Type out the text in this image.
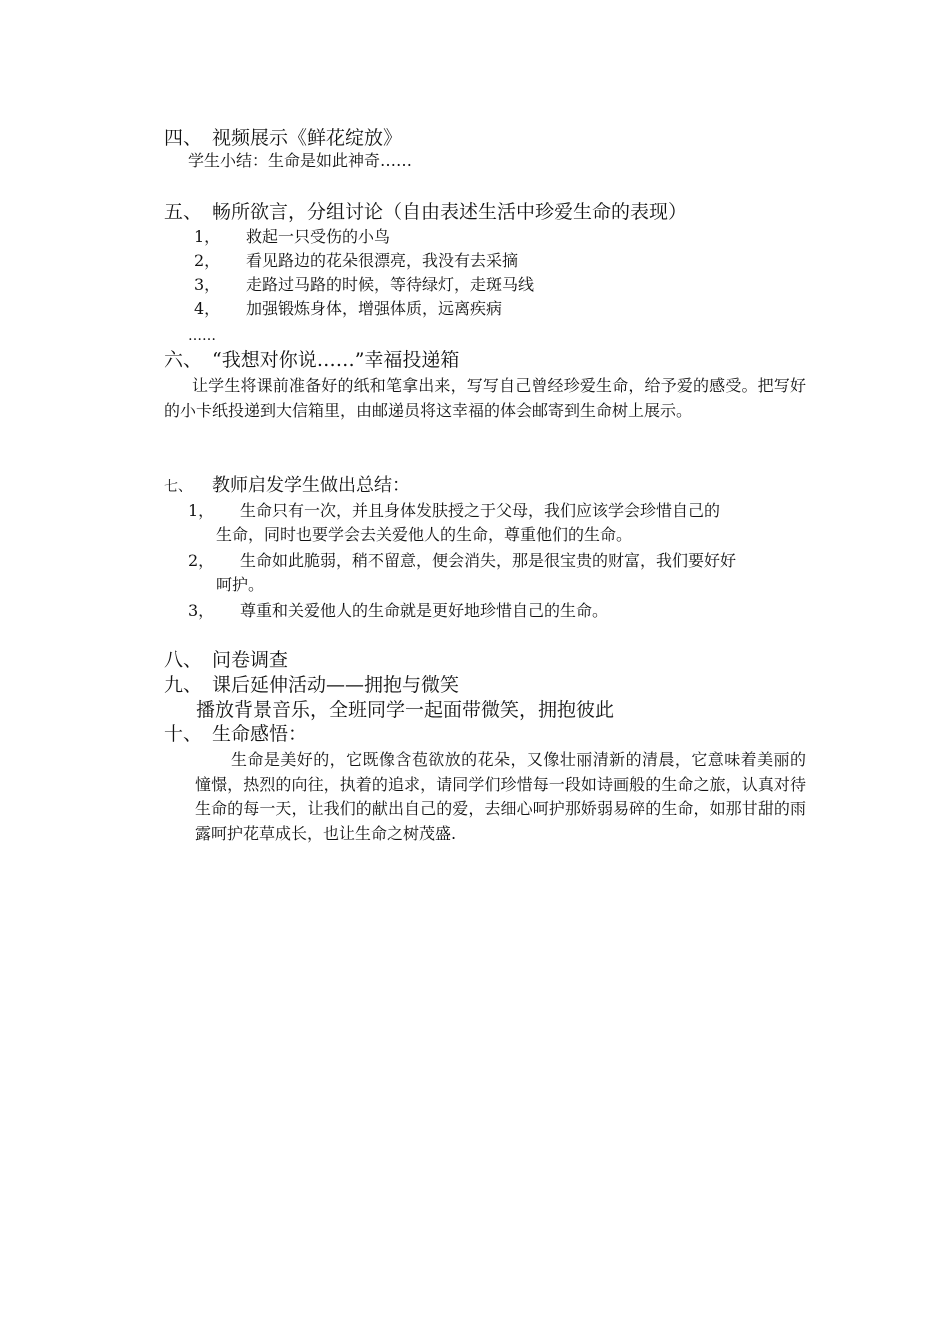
四、 视频展示《鲜花绽放》
学生小结：生命是如此神奇……
五、 畅所欲言，分组讨论（自由表述生活中珍爱生命的表现）
1， 救起一只受伤的小鸟
2， 看见路边的花朵很漂亮，我没有去采摘
3， 走路过马路的时候，等待绿灯，走斑马线
4， 加强锻炼身体，增强体质，远离疾病
……
六、 “我想对你说……”幸福投递箱
让学生将课前准备好的纸和笔拿出来，写写自己曾经珍爱生命，给予爱的感受。把写好的小卡纸投递到大信箱里，由邮递员将这幸福的体会邮寄到生命树上展示。
七、 教师启发学生做出总结：
1， 生命只有一次，并且身体发肤授之于父母，我们应该学会珍惜自己的
生命，同时也要学会去关爱他人的生命，尊重他们的生命。
2， 生命如此脆弱，稍不留意，便会消失，那是很宝贵的财富，我们要好好
呵护。
3， 尊重和关爱他人的生命就是更好地珍惜自己的生命。
八、 问卷调查
九、 课后延伸活动——拥抱与微笑
播放背景音乐，全班同学一起面带微笑，拥抱彼此
十、 生命感悟：
生命是美好的，它既像含苞欲放的花朵，又像壮丽清新的清晨，它意味着美丽的憧憬，热烈的向往，执着的追求，请同学们珍惜每一段如诗画般的生命之旅，认真对待生命的每一天，让我们的献出自己的爱，去细心呵护那娇弱易碎的生命，如那甘甜的雨露呵护花草成长，也让生命之树茂盛.
